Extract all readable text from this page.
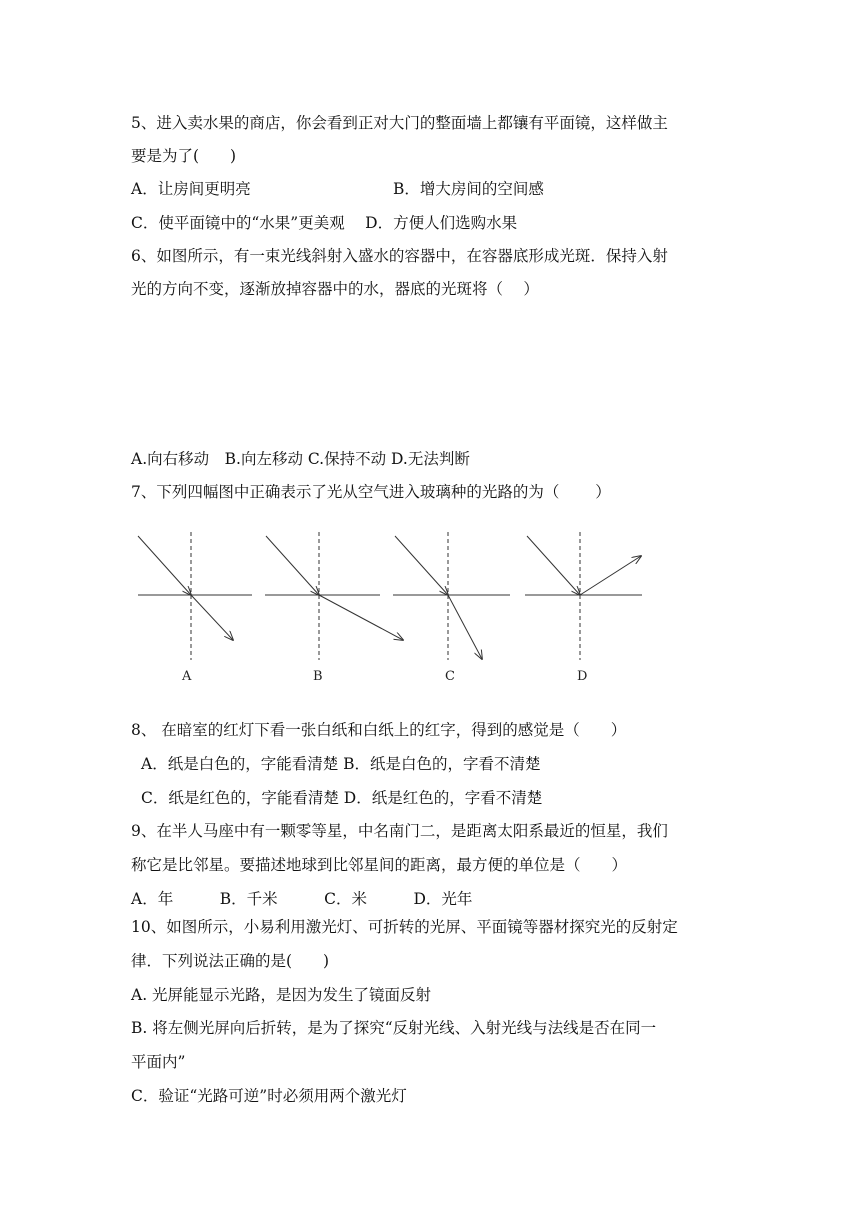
5、进入卖水果的商店，你会看到正对大门的整面墙上都镶有平面镜，这样做主
要是为了(　　)
A．让房间更明亮	B．增大房间的空间感
C．使平面镜中的“水果”更美观　 D．方便人们选购水果
6、如图所示，有一束光线斜射入盛水的容器中，在容器底形成光斑．保持入射
光的方向不变，逐渐放掉容器中的水，器底的光斑将（　 ）
A.向右移动　B.向左移动 C.保持不动 D.无法判断
7、下列四幅图中正确表示了光从空气进入玻璃种的光路的为（　　 ）
A	B	C	D
8、 在暗室的红灯下看一张白纸和白纸上的红字，得到的感觉是（　　）
A．纸是白色的，字能看清楚 B．纸是白色的，字看不清楚
C．纸是红色的，字能看清楚 D．纸是红色的，字看不清楚
9、在半人马座中有一颗零等星，中名南门二，是距离太阳系最近的恒星，我们
称它是比邻星。要描述地球到比邻星间的距离，最方便的单位是（　　）
A．年　　　B．千米　　　C．米　　　D．光年
10、如图所示，小易利用激光灯、可折转的光屏、平面镜等器材探究光的反射定
律．下列说法正确的是(　　)
A. 光屏能显示光路，是因为发生了镜面反射
B. 将左侧光屏向后折转，是为了探究“反射光线、入射光线与法线是否在同一
平面内”
C．验证“光路可逆”时必须用两个激光灯
